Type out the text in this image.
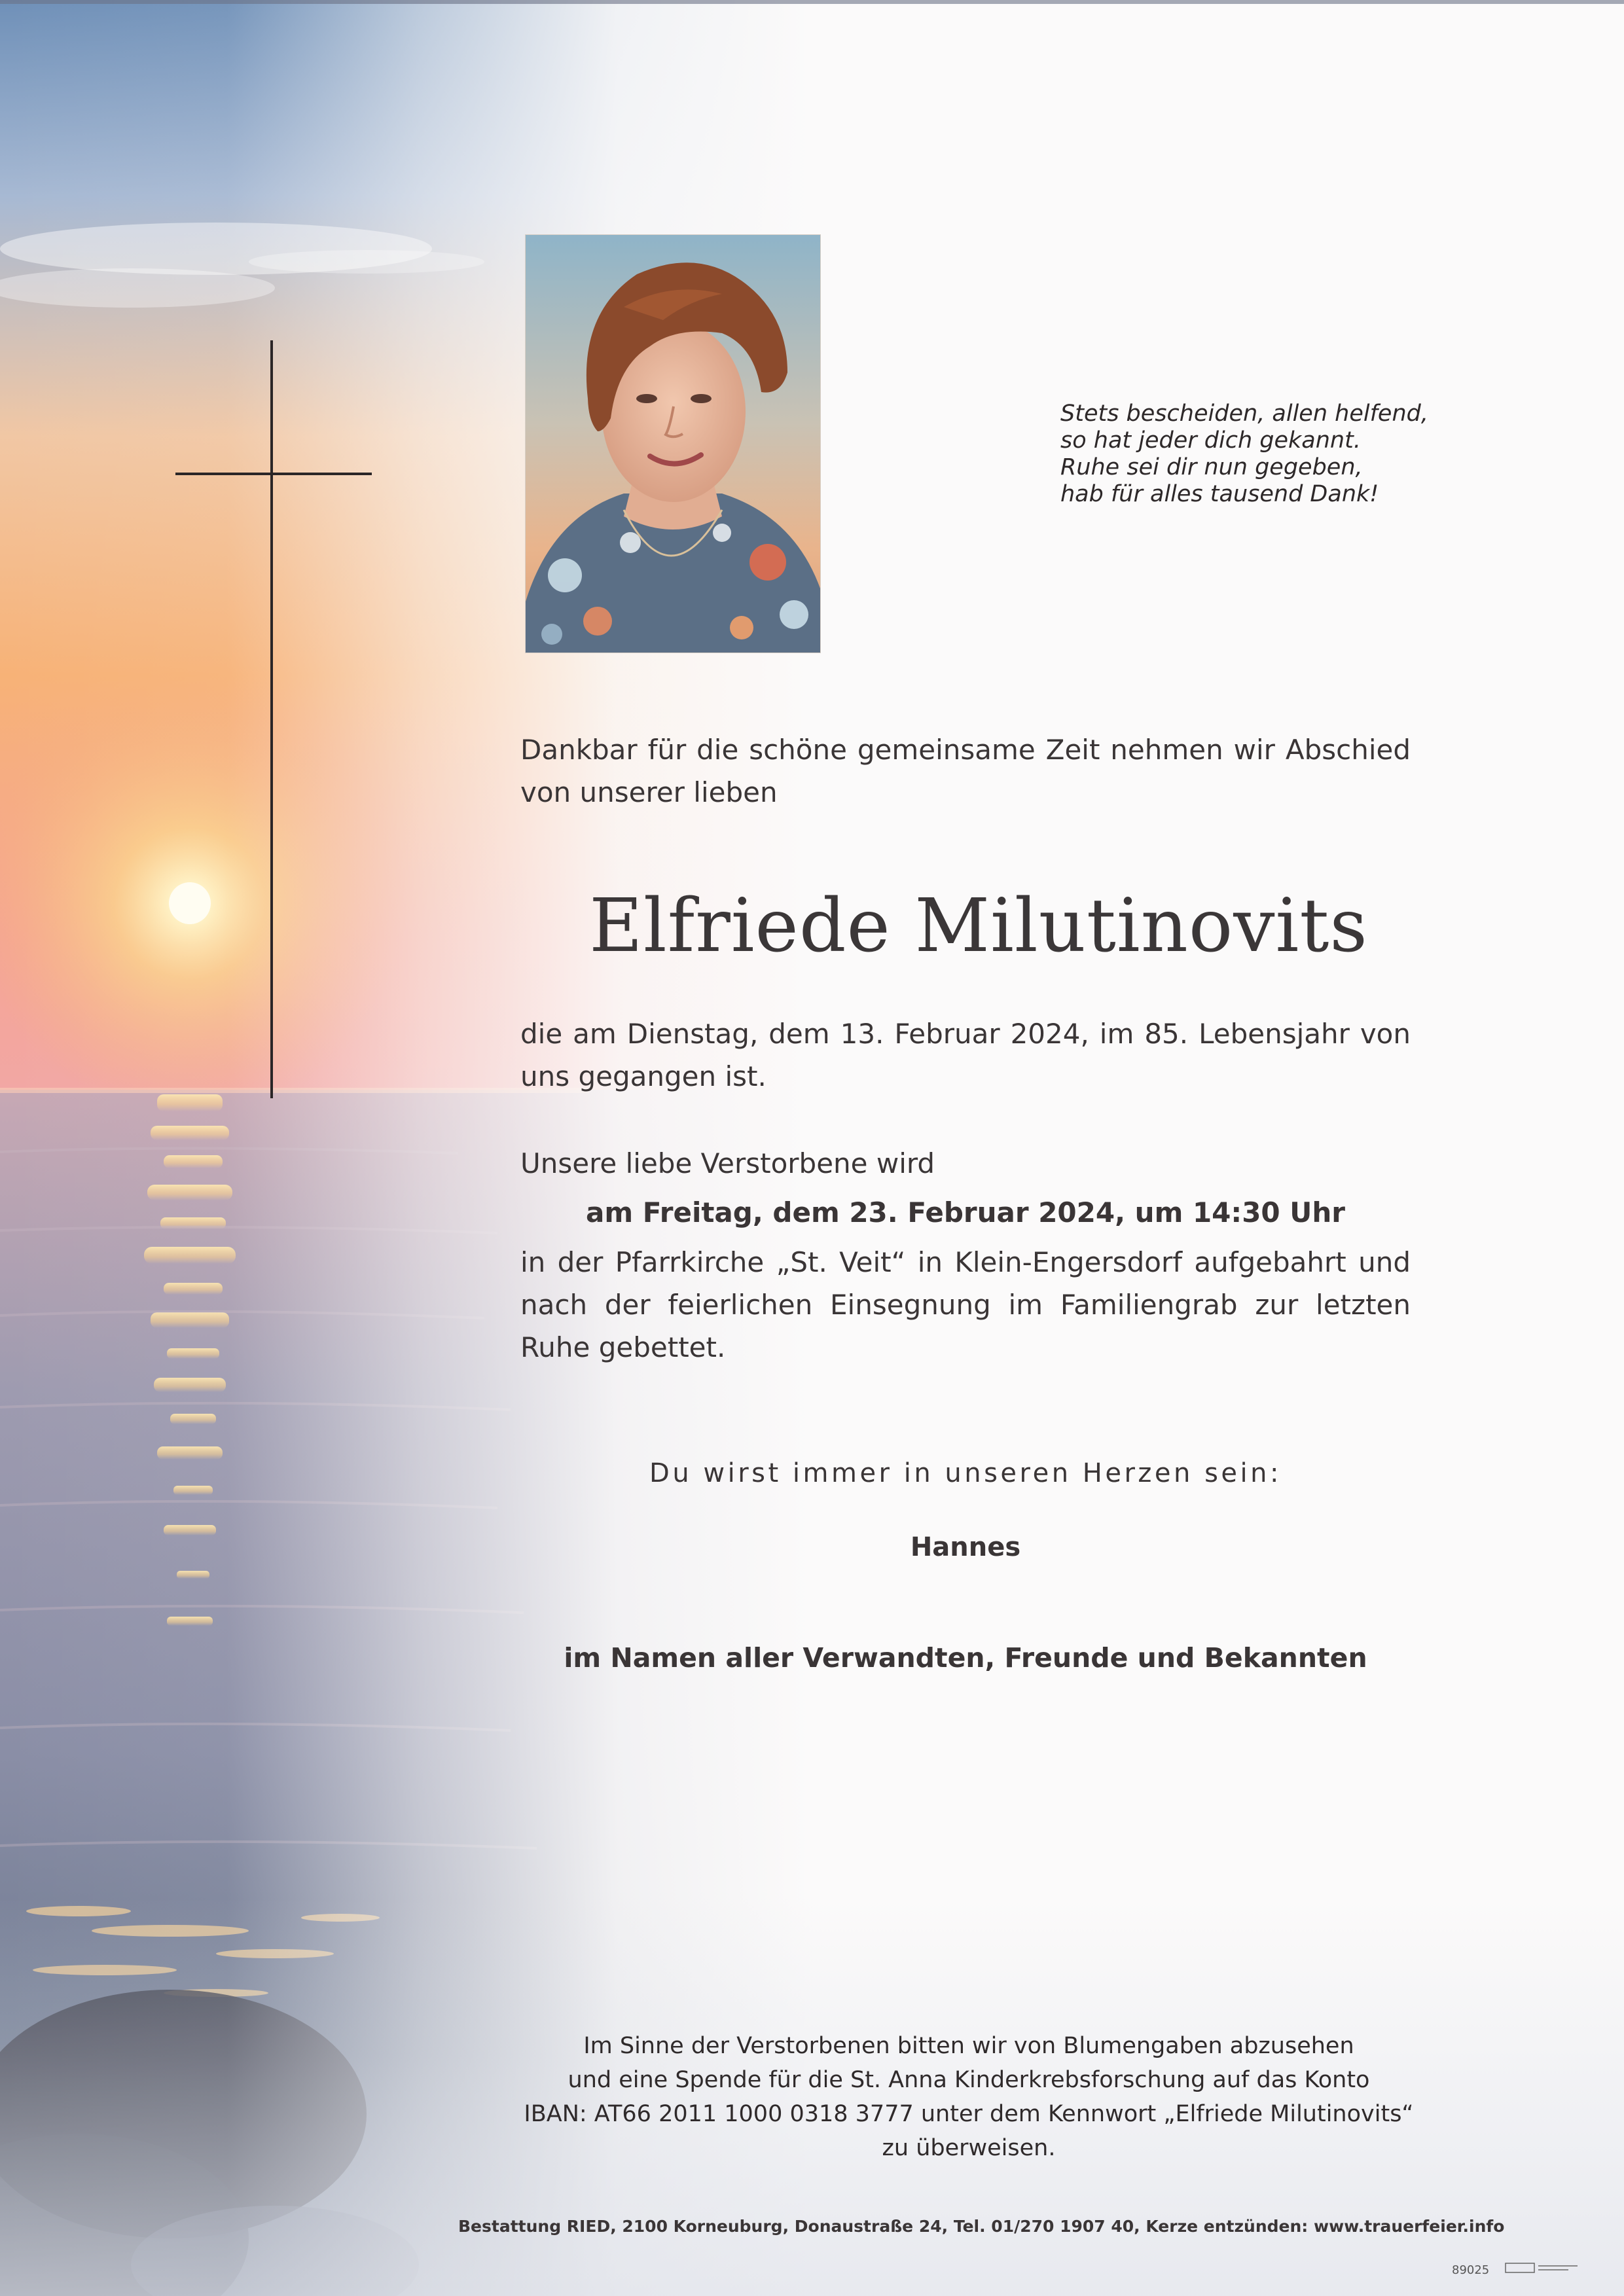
Stets bescheiden, allen helfend,
so hat jeder dich gekannt.
Ruhe sei dir nun gegeben,
hab für alles tausend Dank!
Dankbar für die schöne gemeinsame Zeit nehmen wir Abschied von unserer lieben
Elfriede Milutinovits
die am Dienstag, dem 13. Februar 2024, im 85. Lebensjahr von uns gegangen ist.
Unsere liebe Verstorbene wird
am Freitag, dem 23. Februar 2024, um 14:30 Uhr
in der Pfarrkirche „St. Veit“ in Klein-Engersdorf aufgebahrt und nach der feierlichen Einsegnung im Familiengrab zur letzten Ruhe gebettet.
Du wirst immer in unseren Herzen sein:
Hannes
im Namen aller Verwandten, Freunde und Bekannten
Im Sinne der Verstorbenen bitten wir von Blumengaben abzusehen
und eine Spende für die St. Anna Kinderkrebsforschung auf das Konto
IBAN: AT66 2011 1000 0318 3777 unter dem Kennwort „Elfriede Milutinovits“
zu überweisen.
Bestattung RIED, 2100 Korneuburg, Donaustraße 24, Tel. 01/270 1907 40, Kerze entzünden: www.trauerfeier.info
89025
